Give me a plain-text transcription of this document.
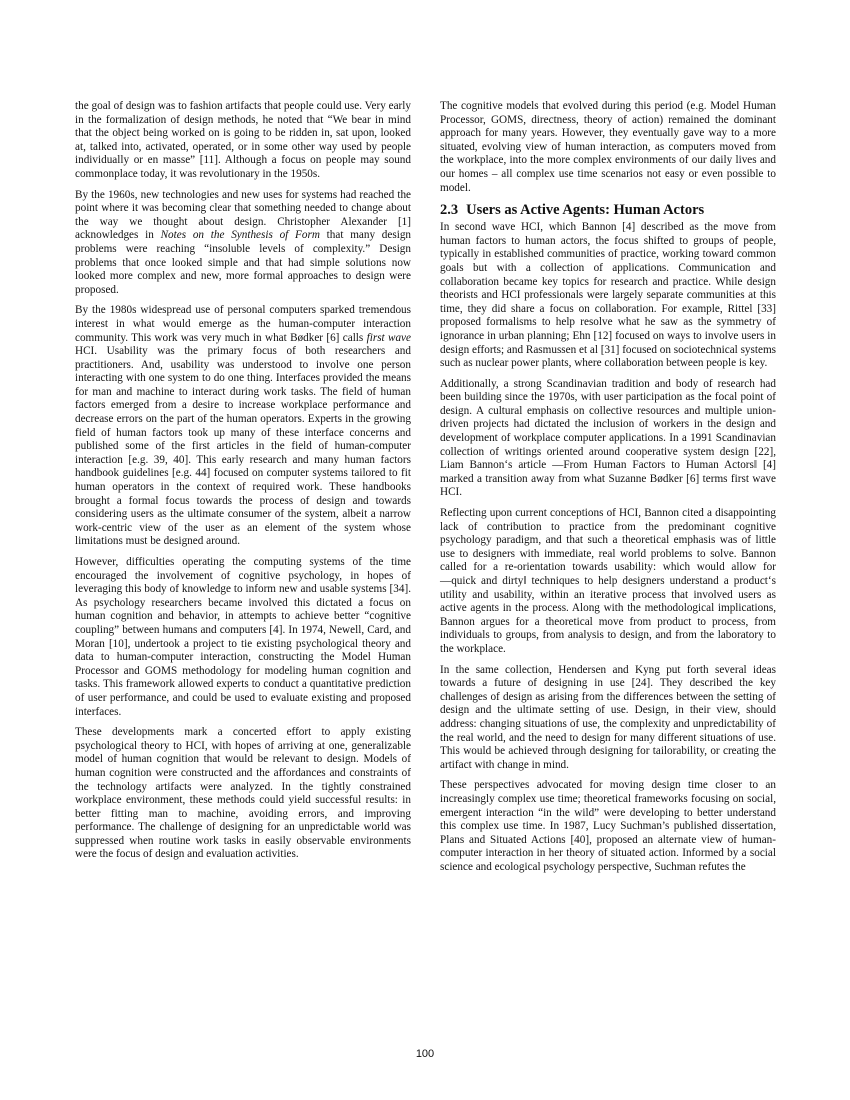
the goal of design was to fashion artifacts that people could use. Very early in the formalization of design methods, he noted that “We bear in mind that the object being worked on is going to be ridden in, sat upon, looked at, talked into, activated, operated, or in some other way used by people individually or en masse” [11]. Although a focus on people may sound commonplace today, it was revolutionary in the 1950s.

By the 1960s, new technologies and new uses for systems had reached the point where it was becoming clear that something needed to change about the way we thought about design. Christopher Alexander [1] acknowledges in Notes on the Synthesis of Form that many design problems were reaching “insoluble levels of complexity.” Design problems that once looked simple and that had simple solutions now looked more complex and new, more formal approaches to design were proposed.

By the 1980s widespread use of personal computers sparked tremendous interest in what would emerge as the human-computer interaction community. This work was very much in what Bødker [6] calls first wave HCI. Usability was the primary focus of both researchers and practitioners. And, usability was understood to involve one person interacting with one system to do one thing. Interfaces provided the means for man and machine to interact during work tasks. The field of human factors emerged from a desire to increase workplace performance and decrease errors on the part of the human operators. Experts in the growing field of human factors took up many of these interface concerns and published some of the first articles in the field of human-computer interaction [e.g. 39, 40]. This early research and many human factors handbook guidelines [e.g. 44] focused on computer systems tailored to fit human operators in the context of required work. These handbooks brought a formal focus towards the process of design and towards considering users as the ultimate consumer of the system, albeit a narrow work-centric view of the user as an element of the system whose limitations must be designed around.

However, difficulties operating the computing systems of the time encouraged the involvement of cognitive psychology, in hopes of leveraging this body of knowledge to inform new and usable systems [34]. As psychology researchers became involved this dictated a focus on human cognition and behavior, in attempts to achieve better “cognitive coupling” between humans and computers [4]. In 1974, Newell, Card, and Moran [10], undertook a project to tie existing psychological theory and data to human-computer interaction, constructing the Model Human Processor and GOMS methodology for modeling human cognition and tasks. This framework allowed experts to conduct a quantitative prediction of user performance, and could be used to evaluate existing and proposed interfaces.

These developments mark a concerted effort to apply existing psychological theory to HCI, with hopes of arriving at one, generalizable model of human cognition that would be relevant to design. Models of human cognition were constructed and the affordances and constraints of the technology artifacts were analyzed. In the tightly constrained workplace environment, these methods could yield successful results: in better fitting man to machine, avoiding errors, and improving performance. The challenge of designing for an unpredictable world was suppressed when routine work tasks in easily observable environments were the focus of design and evaluation activities.

The cognitive models that evolved during this period (e.g. Model Human Processor, GOMS, directness, theory of action) remained the dominant approach for many years. However, they eventually gave way to a more situated, evolving view of human interaction, as computers moved from the workplace, into the more complex environments of our daily lives and our homes – all complex use time scenarios not easy or even possible to model.

2.3 Users as Active Agents: Human Actors

In second wave HCI, which Bannon [4] described as the move from human factors to human actors, the focus shifted to groups of people, typically in established communities of practice, working toward common goals but with a collection of applications. Communication and collaboration became key topics for research and practice. While design theorists and HCI professionals were largely separate communities at this time, they did share a focus on collaboration. For example, Rittel [33] proposed formalisms to help resolve what he saw as the symmetry of ignorance in urban planning; Ehn [12] focused on ways to involve users in design efforts; and Rasmussen et al [31] focused on sociotechnical systems such as nuclear power plants, where collaboration between people is key.

Additionally, a strong Scandinavian tradition and body of research had been building since the 1970s, with user participation as the focal point of design. A cultural emphasis on collective resources and multiple union-driven projects had dictated the inclusion of workers in the design and development of workplace computer applications. In a 1991 Scandinavian collection of writings oriented around cooperative system design [22], Liam Bannon‘s article ―From Human Factors to Human Actors‖ [4] marked a transition away from what Suzanne Bødker [6] terms first wave HCI.

Reflecting upon current conceptions of HCI, Bannon cited a disappointing lack of contribution to practice from the predominant cognitive psychology paradigm, and that such a theoretical emphasis was of little use to designers with immediate, real world problems to solve. Bannon called for a re-orientation towards usability: which would allow for ―quick and dirty‖ techniques to help designers understand a product‘s utility and usability, within an iterative process that involved users as active agents in the process. Along with the methodological implications, Bannon argues for a theoretical move from product to process, from individuals to groups, from analysis to design, and from the laboratory to the workplace.

In the same collection, Hendersen and Kyng put forth several ideas towards a future of designing in use [24]. They described the key challenges of design as arising from the differences between the setting of design and the ultimate setting of use. Design, in their view, should address: changing situations of use, the complexity and unpredictability of the real world, and the need to design for many different situations of use. This would be achieved through designing for tailorability, or creating the artifact with change in mind.

These perspectives advocated for moving design time closer to an increasingly complex use time; theoretical frameworks focusing on social, emergent interaction “in the wild” were developing to better understand this complex use time. In 1987, Lucy Suchman’s published dissertation, Plans and Situated Actions [40], proposed an alternate view of human-computer interaction in her theory of situated action. Informed by a social science and ecological psychology perspective, Suchman refutes the

100
